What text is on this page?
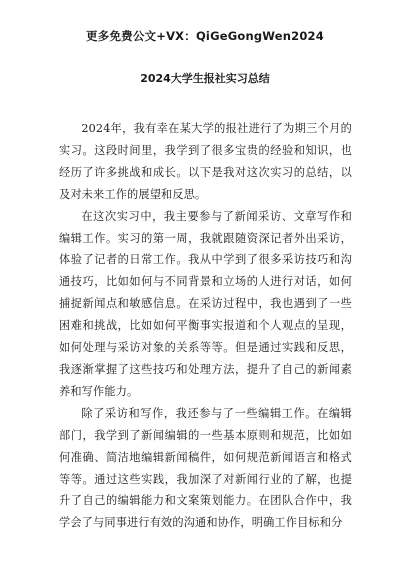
更多免费公文+VX：QiGeGongWen2024
2024大学生报社实习总结

2024年，我有幸在某大学的报社进行了为期三个月的实习。这段时间里，我学到了很多宝贵的经验和知识，也经历了许多挑战和成长。以下是我对这次实习的总结，以及对未来工作的展望和反思。

在这次实习中，我主要参与了新闻采访、文章写作和编辑工作。实习的第一周，我就跟随资深记者外出采访，体验了记者的日常工作。我从中学到了很多采访技巧和沟通技巧，比如如何与不同背景和立场的人进行对话，如何捕捉新闻点和敏感信息。在采访过程中，我也遇到了一些困难和挑战，比如如何平衡事实报道和个人观点的呈现，如何处理与采访对象的关系等等。但是通过实践和反思，我逐渐掌握了这些技巧和处理方法，提升了自己的新闻素养和写作能力。

除了采访和写作，我还参与了一些编辑工作。在编辑部门，我学到了新闻编辑的一些基本原则和规范，比如如何准确、简洁地编辑新闻稿件，如何规范新闻语言和格式等等。通过这些实践，我加深了对新闻行业的了解，也提升了自己的编辑能力和文案策划能力。在团队合作中，我学会了与同事进行有效的沟通和协作，明确工作目标和分
